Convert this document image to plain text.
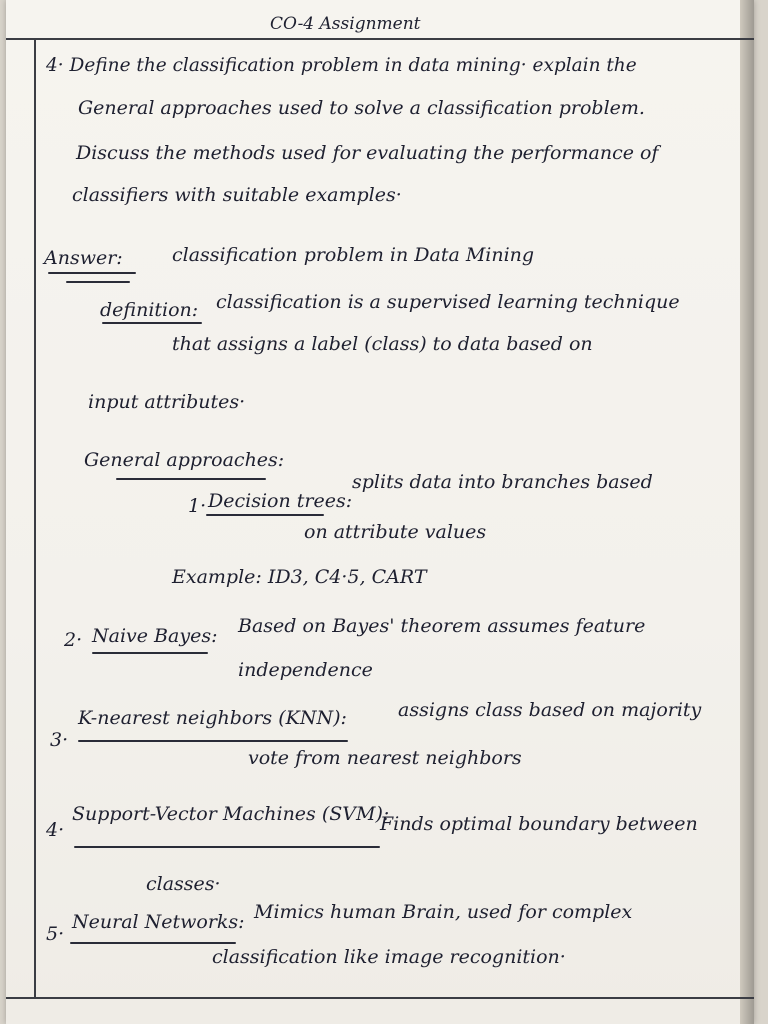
CO-4 Assignment
4· Define the classification problem in data mining· explain the
General approaches used to solve a classification problem.
Discuss the methods used for evaluating the performance of
classifiers with suitable examples·
Answer:	classification problem in Data Mining
definition: classification is a supervised learning technique
that assigns a label (class) to data based on
input attributes·
General approaches:
1· Decision trees:
splits data into branches based
on attribute values
Example: ID3, C4·5, CART
2· Naive Bayes: Based on Bayes' theorem assumes feature
independence
3·
K-nearest neighbors (KNN):	assigns class based on majority
vote from nearest neighbors
4·
Support-Vector Machines (SVM):
Finds optimal boundary between
classes·
5·
Neural Networks: Mimics human Brain, used for complex
classification like image recognition·
